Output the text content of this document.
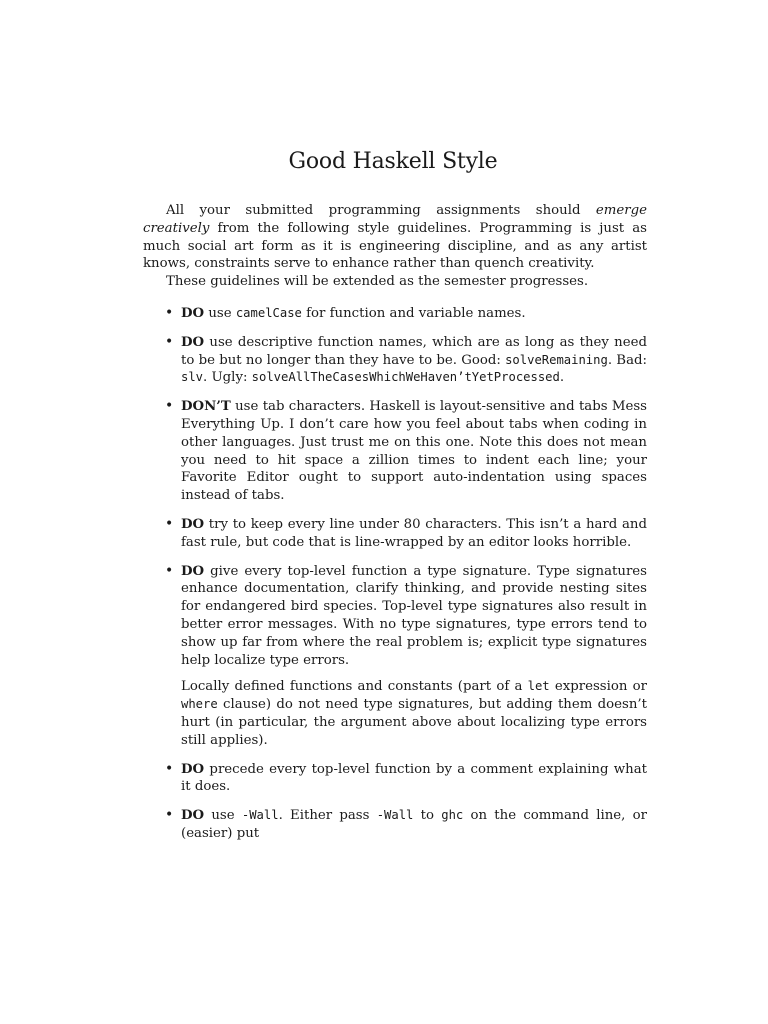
Good Haskell Style

All your submitted programming assignments should emerge creatively from the following style guidelines. Programming is just as much social art form as it is engineering discipline, and as any artist knows, constraints serve to enhance rather than quench creativity.

These guidelines will be extended as the semester progresses.

• DO use camelCase for function and variable names.

• DO use descriptive function names, which are as long as they need to be but no longer than they have to be. Good: solveRemaining. Bad: slv. Ugly: solveAllTheCasesWhichWeHaven’tYetProcessed.

• DON’T use tab characters. Haskell is layout-sensitive and tabs Mess Everything Up. I don’t care how you feel about tabs when coding in other languages. Just trust me on this one. Note this does not mean you need to hit space a zillion times to indent each line; your Favorite Editor ought to support auto-indentation using spaces instead of tabs.

• DO try to keep every line under 80 characters. This isn’t a hard and fast rule, but code that is line-wrapped by an editor looks horrible.

• DO give every top-level function a type signature. Type signatures enhance documentation, clarify thinking, and provide nesting sites for endangered bird species. Top-level type signatures also result in better error messages. With no type signatures, type errors tend to show up far from where the real problem is; explicit type signatures help localize type errors.

Locally defined functions and constants (part of a let expression or where clause) do not need type signatures, but adding them doesn’t hurt (in particular, the argument above about localizing type errors still applies).

• DO precede every top-level function by a comment explaining what it does.

• DO use -Wall. Either pass -Wall to ghc on the command line, or (easier) put
